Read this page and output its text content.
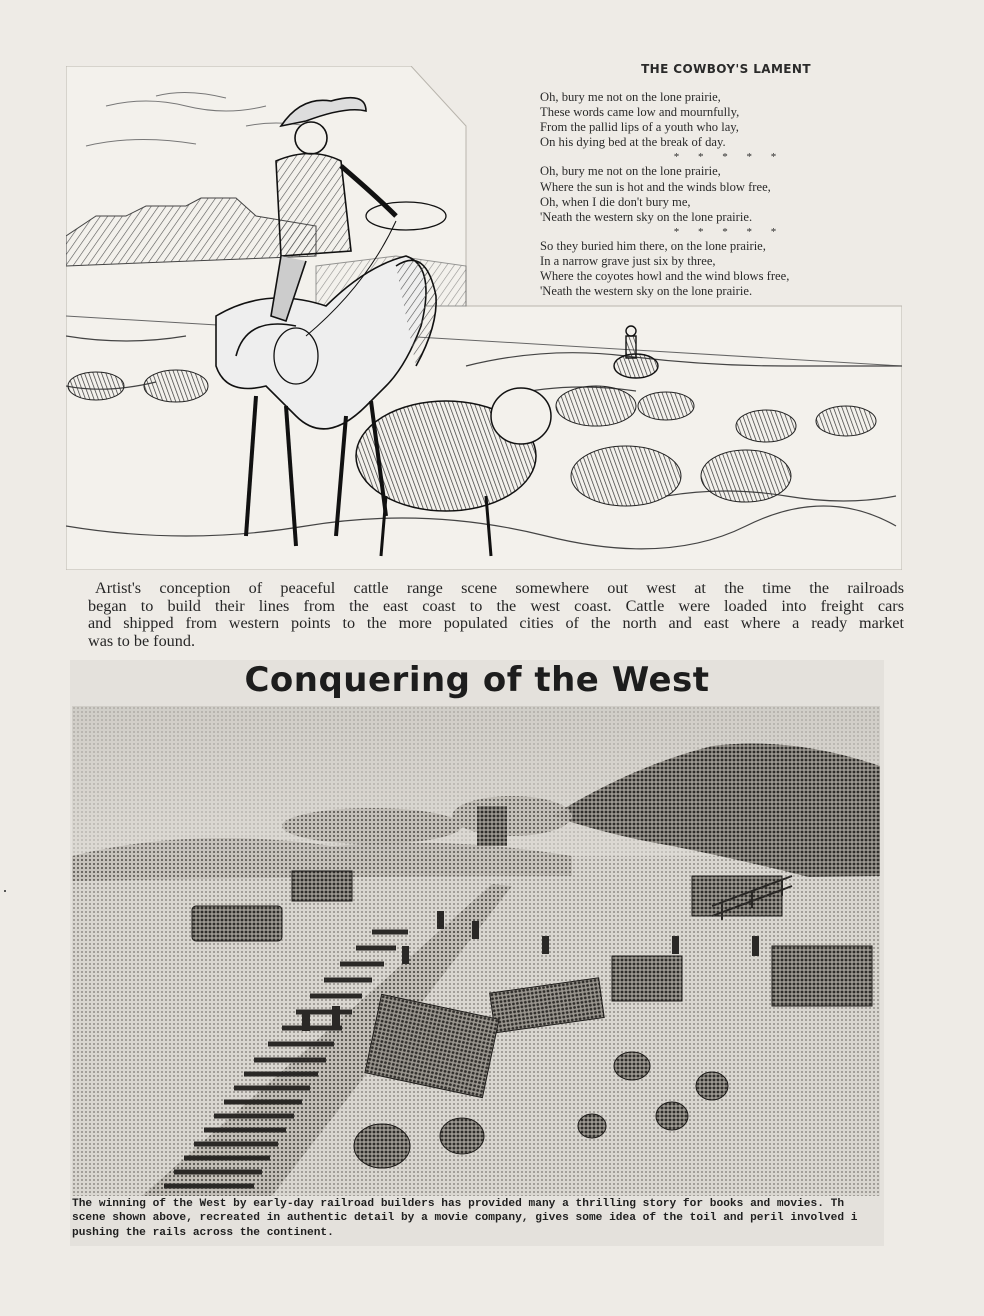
THE COWBOY'S LAMENT
Oh, bury me not on the lone prairie,
These words came low and mournfully,
From the pallid lips of a youth who lay,
On his dying bed at the break of day.
* * * * *
Oh, bury me not on the lone prairie,
Where the sun is hot and the winds blow free,
Oh, when I die don't bury me,
'Neath the western sky on the lone prairie.
* * * * *
So they buried him there, on the lone prairie,
In a narrow grave just six by three,
Where the coyotes howl and the wind blows free,
'Neath the western sky on the lone prairie.
Artist's conception of peaceful cattle range scene somewhere out west at the time the railroads
began to build their lines from the east coast to the west coast. Cattle were loaded into freight cars
and shipped from western points to the more populated cities of the north and east where a ready market
was to be found.
Conquering of the West
The winning of the West by early-day railroad builders has provided many a thrilling story for books and movies. Th
scene shown above, recreated in authentic detail by a movie company, gives some idea of the toil and peril involved i
pushing the rails across the continent.
